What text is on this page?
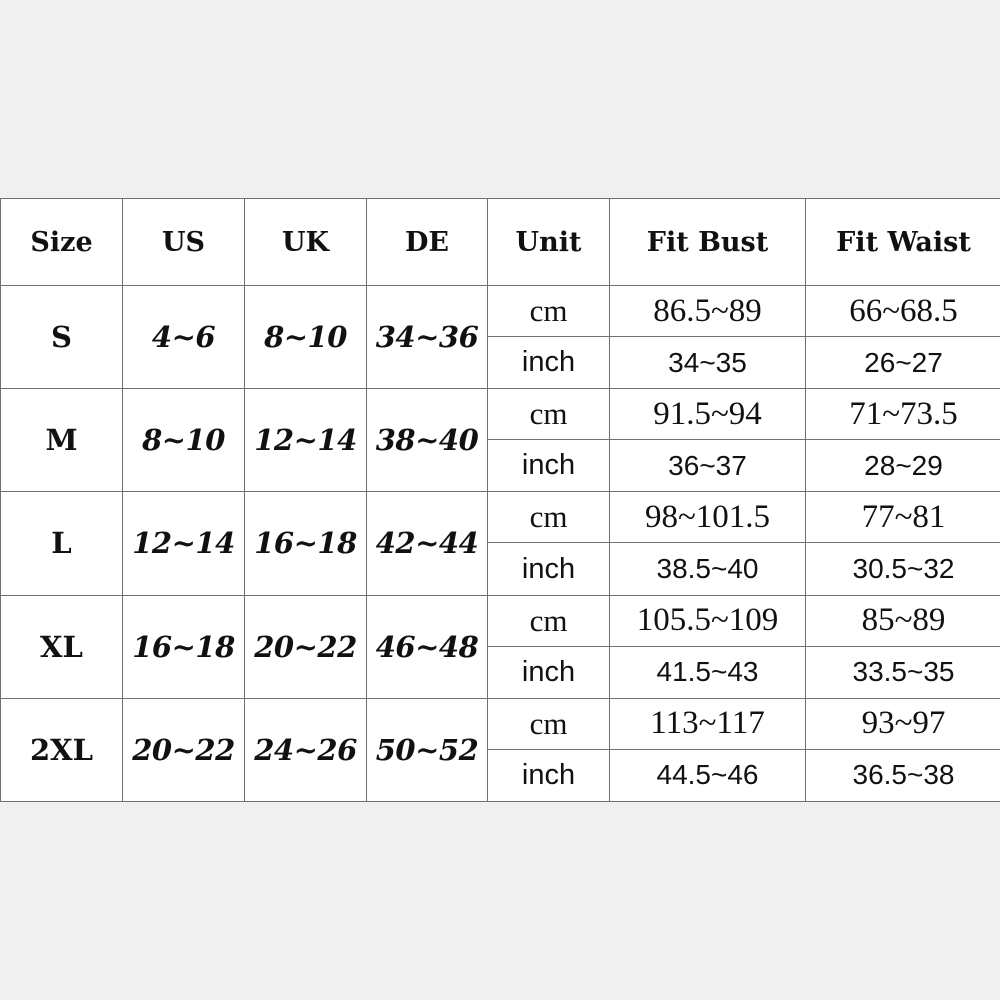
Size	US	UK	DE	Unit	Fit Bust	Fit Waist
S	4~6	8~10	34~36	cm	86.5~89	66~68.5
				inch	34~35	26~27
M	8~10	12~14	38~40	cm	91.5~94	71~73.5
				inch	36~37	28~29
L	12~14	16~18	42~44	cm	98~101.5	77~81
				inch	38.5~40	30.5~32
XL	16~18	20~22	46~48	cm	105.5~109	85~89
				inch	41.5~43	33.5~35
2XL	20~22	24~26	50~52	cm	113~117	93~97
				inch	44.5~46	36.5~38
